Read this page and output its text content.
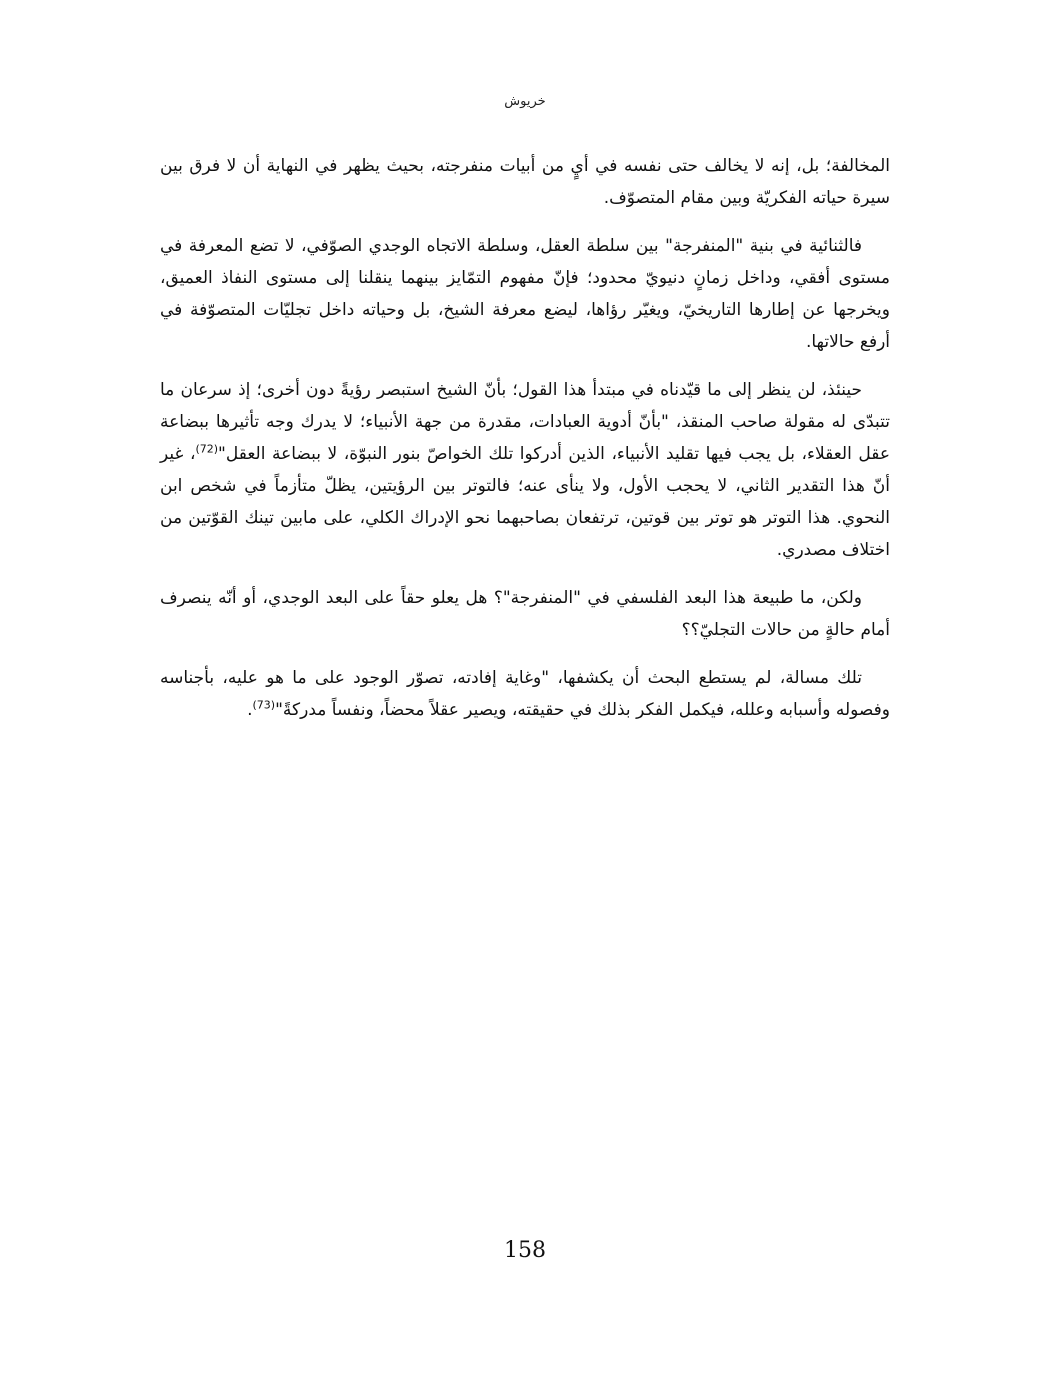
خريوش

المخالفة؛ بل، إنه لا يخالف حتى نفسه في أيٍ من أبيات منفرجته، بحيث يظهر في النهاية أن لا فرق بين سيرة حياته الفكريّة وبين مقام المتصوّف.

فالثنائية في بنية "المنفرجة" بين سلطة العقل، وسلطة الاتجاه الوجدي الصوّفي، لا تضع المعرفة في مستوى أفقي، وداخل زمانٍ دنيويّ محدود؛ فإنّ مفهوم التمّايز بينهما ينقلنا إلى مستوى النفاذ العميق، ويخرجها عن إطارها التاريخيّ، ويغيّر رؤاها، ليضع معرفة الشيخ، بل وحياته داخل تجليّات المتصوّفة في أرفع حالاتها.

حينئذ، لن ينظر إلى ما قيّدناه في مبتدأ هذا القول؛ بأنّ الشيخ استبصر رؤيةً دون أخرى؛ إذ سرعان ما تتبدّى له مقولة صاحب المنقذ، "بأنّ أدوية العبادات، مقدرة من جهة الأنبياء؛ لا يدرك وجه تأثيرها ببضاعة عقل العقلاء، بل يجب فيها تقليد الأنبياء، الذين أدركوا تلك الخواصّ بنور النبوّة، لا ببضاعة العقل"$^{(72)}$، غير أنّ هذا التقدير الثاني، لا يحجب الأول، ولا ينأى عنه؛ فالتوتر بين الرؤيتين، يظلّ متأزماً في شخص ابن النحوي. هذا التوتر هو توتر بين قوتين، ترتفعان بصاحبهما نحو الإدراك الكلي، على مابين تينك القوّتين من اختلاف مصدري.

ولكن، ما طبيعة هذا البعد الفلسفي في "المنفرجة"؟ هل يعلو حقاً على البعد الوجدي، أو أنّه ينصرف أمام حالةٍ من حالات التجليّ؟؟

تلك مسالة، لم يستطع البحث أن يكشفها، "وغاية إفادته، تصوّر الوجود على ما هو عليه، بأجناسه وفصوله وأسبابه وعلله، فيكمل الفكر بذلك في حقيقته، ويصير عقلاً محضاً، ونفساً مدركةً"$^{(73)}$.

158
